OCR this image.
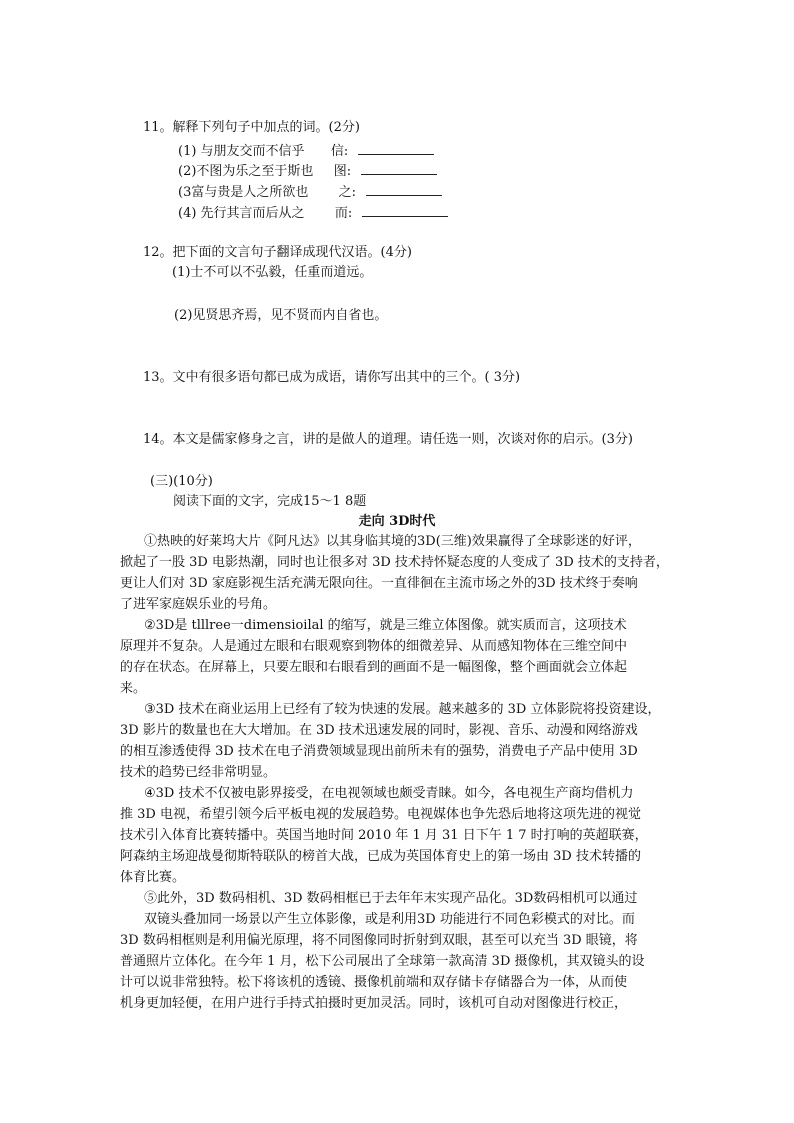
11。解释下列句子中加点的词。(2分)
(1) 与朋友交而不信乎 信:
(2)不图为乐之至于斯也 图:
(3富与贵是人之所欲也 之:
(4) 先行其言而后从之 而:
12。把下面的文言句子翻译成现代汉语。(4分)
(1)士不可以不弘毅，任重而道远。
(2)见贤思齐焉，见不贤而内自省也。
13。文中有很多语句都已成为成语，请你写出其中的三个。( 3分)
14。本文是儒家修身之言，讲的是做人的道理。请任选一则，次谈对你的启示。(3分)
(三)(10分)
阅读下面的文字，完成15～1 8题
走向 3D时代
①热映的好莱坞大片《阿凡达》以其身临其境的3D(三维)效果赢得了全球影迷的好评，
掀起了一股 3D 电影热潮，同时也让很多对 3D 技术持怀疑态度的人变成了 3D 技术的支持者，
更让人们对 3D 家庭影视生活充满无限向往。一直徘徊在主流市场之外的3D 技术终于奏响
了进军家庭娱乐业的号角。
②3D是 tlllree一dimensioilal 的缩写，就是三维立体图像。就实质而言，这项技术
原理并不复杂。人是通过左眼和右眼观察到物体的细微差异、从而感知物体在三维空间中
的存在状态。在屏幕上，只要左眼和右眼看到的画面不是一幅图像，整个画面就会立体起
来。
③3D 技术在商业运用上已经有了较为快速的发展。越来越多的 3D 立体影院将投资建设，
3D 影片的数量也在大大增加。在 3D 技术迅速发展的同时，影视、音乐、动漫和网络游戏
的相互渗透使得 3D 技术在电子消费领域显现出前所未有的强势，消费电子产品中使用 3D
技术的趋势已经非常明显。
④3D 技术不仅被电影界接受，在电视领域也颇受青睐。如今，各电视生产商均借机力
推 3D 电视，希望引领今后平板电视的发展趋势。电视媒体也争先恐后地将这项先进的视觉
技术引入体育比赛转播中。英国当地时间 2010 年 1 月 31 日下午 1 7 时打响的英超联赛，
阿森纳主场迎战曼彻斯特联队的榜首大战，已成为英国体育史上的第一场由 3D 技术转播的
体育比赛。
⑤此外，3D 数码相机、3D 数码相框已于去年年末实现产品化。3D数码相机可以通过
双镜头叠加同一场景以产生立体影像，或是利用3D 功能进行不同色彩模式的对比。而
3D 数码相框则是利用偏光原理，将不同图像同时折射到双眼，甚至可以充当 3D 眼镜，将
普通照片立体化。在今年 1 月，松下公司展出了全球第一款高清 3D 摄像机，其双镜头的设
计可以说非常独特。松下将该机的透镜、摄像机前端和双存储卡存储器合为一体，从而使
机身更加轻便，在用户进行手持式拍摄时更加灵活。同时，该机可自动对图像进行校正，
